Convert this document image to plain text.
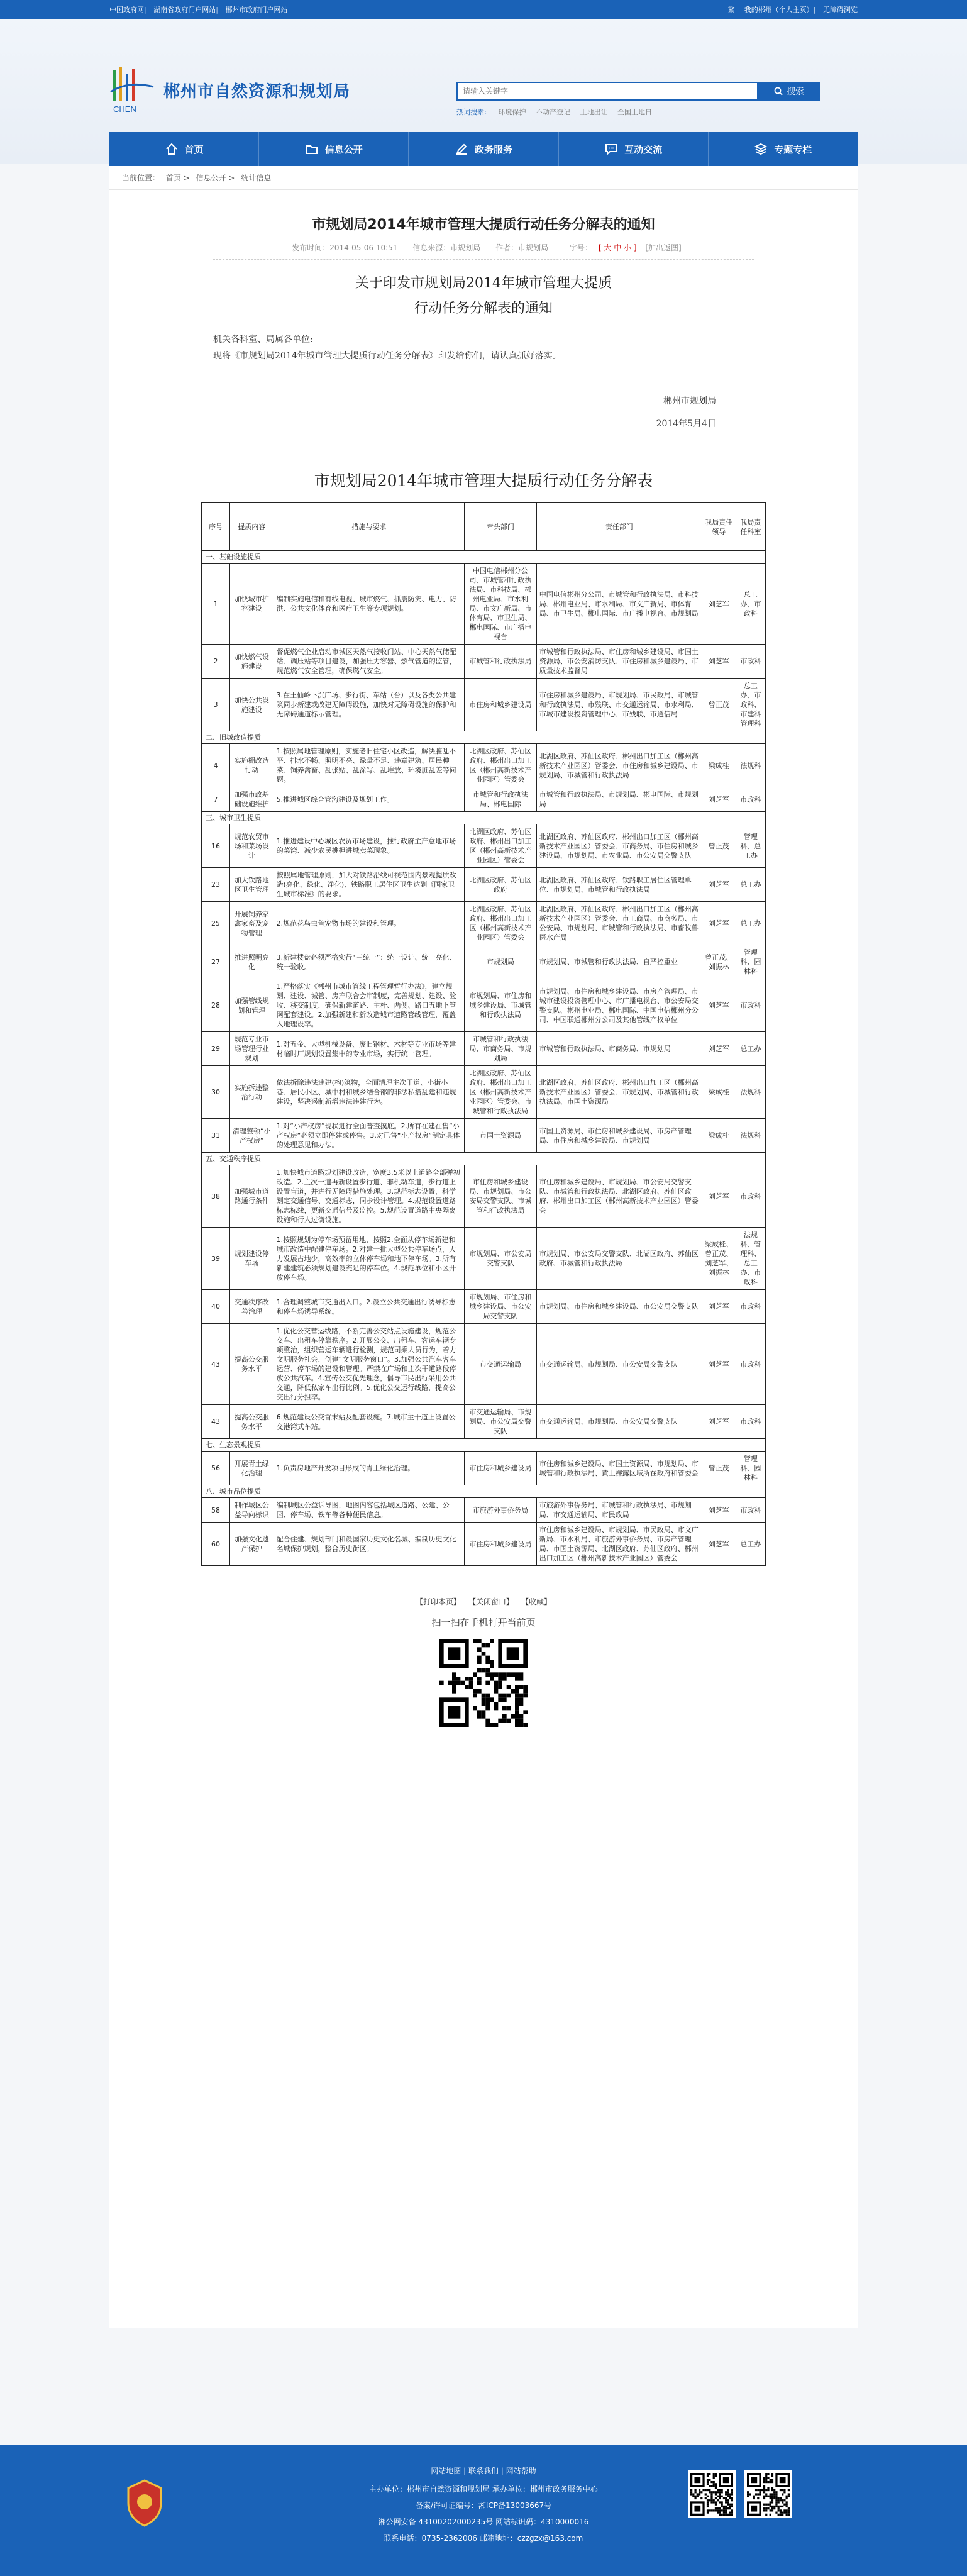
中国政府网| 湖南省政府门户网站| 郴州市政府门户网站	繁| 我的郴州（个人主页）| 无障碍浏览
CHEN
郴州市自然资源和规划局
请输入关键字	搜索
热词搜索： 环境保护 不动产登记 土地出让 全国土地日
首页	信息公开	政务服务	互动交流	专题专栏
当前位置： 首页 > 信息公开 > 统计信息
市规划局2014年城市管理大提质行动任务分解表的通知
发布时间：2014-05-06 10:51 信息来源：市规划局 作者：市规划局	字号： [ 大 中 小 ] [加出返图]
关于印发市规划局2014年城市管理大提质
行动任务分解表的通知

机关各科室、局属各单位:

现将《市规划局2014年城市管理大提质行动任务分解表》印发给你们，请认真抓好落实。

郴州市规划局

2014年5月4日

市规划局2014年城市管理大提质行动任务分解表
序号	提质内容	措施与要求	牵头部门	责任部门	我局责任领导	我局责任科室
一、基础设施提质						
1	加快城市扩容建设	编制实施电信和有线电视、城市燃气、抓震防灾、电力、防洪、公共文化体育和医疗卫生等专项规划。	中国电信郴州分公司、市城管和行政执法局、市科技局、郴州电业局、市水利局、市文广新局、市体育局、市卫生局、郴电国际、市广播电视台	中国电信郴州分公司、市城管和行政执法局、市科技局、郴州电业局、市水利局、市文广新局、市体育局、市卫生局、郴电国际、市广播电视台、市规划局	刘芝军	总工办、市政科
2	加快燃气设施建设	督促燃气企业启动市城区天然气接收门站、中心天然气储配站、调压站等项目建设，加强压力容器、燃气管道的监管，规范燃气安全管理，确保燃气安全。	市城管和行政执法局	市城管和行政执法局、市住房和城乡建设局、市国土资源局、市公安消防支队、市住房和城乡建设局、市质量技术监督局	刘芝军	市政科
3	加快公共设施建设	3.在王仙岭下沉广场、步行街、车站（台）以及各类公共建筑同步新建或改建无障碍设施，加快对无障碍设施的保护和无障碍通道标示管理。	市住房和城乡建设局	市住房和城乡建设局、市规划局、市民政局、市城管和行政执法局、市残联、市交通运输局、市水利局、市城市建设投资管理中心、市残联、市通信局	曾正茂	总工办、市政科、市建科管理科
二、旧城改造提质						
4	实施棚改造行动	1.按照属地管理原则，实施老旧住宅小区改造，解决脏乱不平、排水不畅、照明不亮、绿量不足、违章建筑、居民种菜、饲养禽畜、乱张贴、乱涂写、乱堆放、环境脏乱差等问题。	北湖区政府、苏仙区政府、郴州出口加工区（郴州高新技术产业园区）管委会	北湖区政府、苏仙区政府、郴州出口加工区（郴州高新技术产业园区）管委会、市住房和城乡建设局、市规划局、市城管和行政执法局	梁成桂	法规科
7	加强市政基础设施维护	5.推进城区综合管沟建设及规划工作。	市城管和行政执法局、郴电国际	市城管和行政执法局、市规划局、郴电国际、市规划局	刘芝军	市政科
三、城市卫生提质						
16	规范农贸市场和菜场设计	1.推进建设中心城区农贸市场建设，推行政府主产意地市场的菜湾、减少农民挑担进城卖菜现象。	北湖区政府、苏仙区政府、郴州出口加工区（郴州高新技术产业园区）管委会	北湖区政府、苏仙区政府、郴州出口加工区（郴州高新技术产业园区）管委会、市商务局、市住房和城乡建设局、市规划局、市农业局、市公安局交警支队	曾正茂	管理科、总工办
23	加大铁路地区卫生管理	按照属地管理原则，加大对铁路沿线可视范围内景观提质改造(亮化、绿化、净化)、铁路职工居住区卫生达到《国家卫生城市标准》的要求。	北湖区政府、苏仙区政府	北湖区政府、苏仙区政府、铁路职工居住区管理单位、市规划局、市城管和行政执法局	刘芝军	总工办
25	开展饲养家禽家畜及宠物管理	2.规范花鸟虫鱼宠物市场的建设和管理。	北湖区政府、苏仙区政府、郴州出口加工区（郴州高新技术产业园区）管委会	北湖区政府、苏仙区政府、郴州出口加工区（郴州高新技术产业园区）管委会、市工商局、市商务局、市公安局、市规划局、市城管和行政执法局、市畜牧兽医水产局	刘芝军	总工办
27	推进照明亮化	3.新建楼盘必须严格实行“三统一”：统一设计、统一亮化、统一验收。	市规划局	市规划局、市城管和行政执法局、自严控重业	曾正茂、刘振林	管理科、园林科
28	加强管线规划和管理	1.严格落实《郴州市城市管线工程管理暂行办法》，建立规划、建设、城管、房产联合会审制度，完善规划、建设、验收、移交制度，确保新建道路、主杆、两侧、路口五地下管网配套建设。2.加强新建和新改造城市道路管线管理，覆盖入地理设率。	市规划局、市住房和城乡建设局、市城管和行政执法局	市规划局、市住房和城乡建设局、市房产管理局、市城市建设投资管理中心、市广播电视台、市公安局交警支队、郴州电业局、郴电国际、中国电信郴州分公司、中国联通郴州分公司及其他管线产权单位	刘芝军	市政科
29	规范专业市场管理行业规划	1.对五金、大型机械设备、废旧钢材、木材等专业市场等建材临时厂规划设置集中的专业市场，实行统一管理。	市城管和行政执法局、市商务局、市规划局	市城管和行政执法局、市商务局、市规划局	刘芝军	总工办
30	实施拆违整治行动	依法拆除违法违建(构)筑物，全面清理主次干道、小街小巷、居民小区、城中村和城乡结合部的非法私搭乱建和违规建设，坚决遏制新增违法违建行为。	北湖区政府、苏仙区政府、郴州出口加工区（郴州高新技术产业园区）管委会、市城管和行政执法局	北湖区政府、苏仙区政府、郴州出口加工区（郴州高新技术产业园区）管委会、市规划局、市城管和行政执法局、市国土资源局	梁成桂	法规科
31	清理整顿“小产权房”	1.对“小产权房”现状进行全面普查摸底。2.所有在建在售“小产权房”必须立即停建或停售。3.对已售“小产权房”制定具体的处理意见和办法。	市国土资源局	市国土资源局、市住房和城乡建设局、市房产管理局、市住房和城乡建设局、市规划局	梁成桂	法规科
五、交通秩序提质						
38	加强城市道路通行条件	1.加快城市道路规划建设改造，宽度3.5米以上道路全部弹初改造。2.主次干道再新设置步行道、非机动车道，步行道上设置盲道，并进行无障碍措施处理。3.规范标志设置，科学划定交通信号、交通标志，同步设计管理。4.规范设置道路标志标线，更新交通信号及监控。5.规范设置道路中央隔离设施和行人过街设施。	市住房和城乡建设局、市规划局、市公安局交警支队、市城管和行政执法局	市住房和城乡建设局、市规划局、市公安局交警支队、市城管和行政执法局、北湖区政府、苏仙区政府、郴州出口加工区（郴州高新技术产业园区）管委会	刘芝军	市政科
39	规划建设停车场	1.按照规划为停车场预留用地，按照2.全面从停车场新建和城市改造中配建停车场。2.对建一批大型公共停车场点，大力发展占地少，高效率的立体停车场和地下停车场。3.所有新建建筑必须规划建设充足的停车位。4.规范单位和小区开放停车场。	市规划局、市公安局交警支队	市规划局、市公安局交警支队、北湖区政府、苏仙区政府、市城管和行政执法局	梁成桂、曾正茂、刘芝军、刘振林	法规科、管理科、总工办、市政科
40	交通秩序改善治理	1.合理调整城市交通出入口。2.设立公共交通出行诱导标志和停车场诱导系统。	市规划局、市住房和城乡建设局、市公安局交警支队	市规划局、市住房和城乡建设局、市公安局交警支队	刘芝军	市政科
43	提高公交服务水平	1.优化公交营运线路，不断完善公交站点设施建设，规范公交车、出租车停靠秩序。2.开展公交、出租车、客运车辆专项整治，组织营运车辆进行检测，规范司乘人员行为，着力文明服务社会，创建“文明服务窗口”。3.加强公共汽车客车运营、停车场的建设和管理。严禁在广场和主次干道路段停放公共汽车。4.宣传公交优先理念，倡导市民出行采用公共交通，降低私家车出行比例。5.优化公交运行线路，提高公交出行分担率。	市交通运输局	市交通运输局、市规划局、市公安局交警支队	刘芝军	市政科
43	提高公交服务水平	6.规范建设公交首末站及配套设施。7.城市主干道上设置公交港湾式车站。	市交通运输局、市规划局、市公安局交警支队	市交通运输局、市规划局、市公安局交警支队	刘芝军	市政科
七、生态景观提质						
56	开展青土绿化治理	1.负责房地产开发项目形成的青土绿化治理。	市住房和城乡建设局	市住房和城乡建设局、市国土资源局、市规划局、市城管和行政执法局、黄土裸露区域所在政府和管委会	曾正茂	管理科、园林科
八、城市品位提质						
58	制作城区公益导向标识	编制城区公益诉导图，地图内容包括城区道路、公建、公园、停车场、铁车等各种便民信息。	市旅游外事侨务局	市旅游外事侨务局、市城管和行政执法局、市规划局、市交通运输局、市民政局	刘芝军	市政科
60	加强文化遗产保护	配合住建、规划部门和设国家历史文化名城、编制历史文化名城保护规划，整合历史街区。	市住房和城乡建设局	市住房和城乡建设局、市规划局、市民政局、市文广新局、市水利局、市旅游外事侨务局、市房产管理局、市国土资源局、北湖区政府、苏仙区政府、郴州出口加工区（郴州高新技术产业园区）管委会	刘芝军	总工办
【打印本页】 【关闭窗口】 【收藏】
扫一扫在手机打开当前页
网站地图 | 联系我们 | 网站帮助
主办单位：郴州市自然资源和规划局 承办单位：郴州市政务服务中心
备案/许可证编号：湘ICP备13003667号
湘公网安备 43100202000235号 网站标识码：4310000016
联系电话：0735-2362006 邮箱地址：czzgzx@163.com
